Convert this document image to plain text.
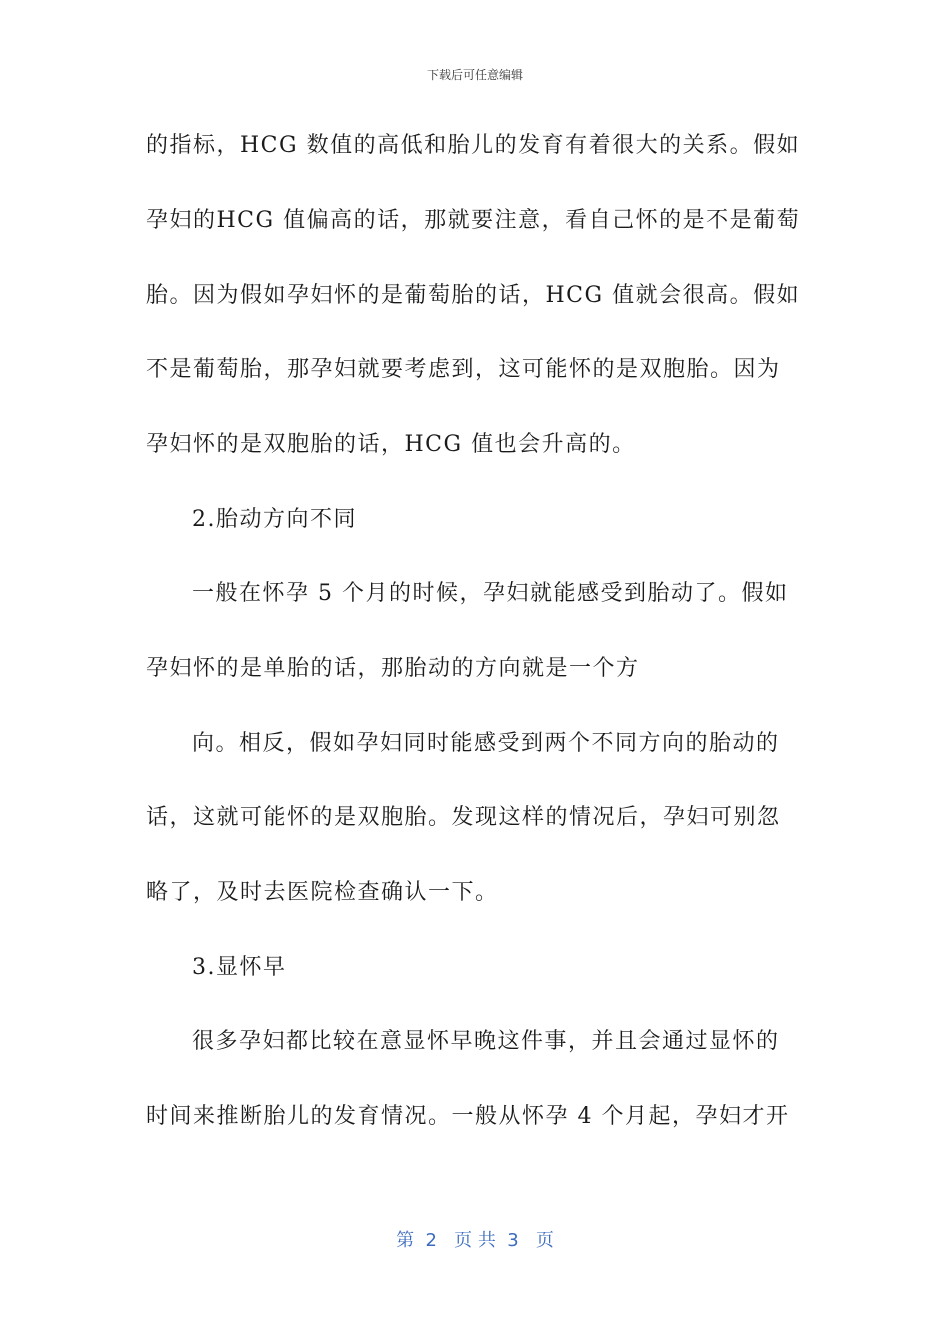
下载后可任意编辑
的指标，HCG 数值的高低和胎儿的发育有着很大的关系。假如
孕妇的HCG 值偏高的话，那就要注意，看自己怀的是不是葡萄
胎。因为假如孕妇怀的是葡萄胎的话，HCG 值就会很高。假如
不是葡萄胎，那孕妇就要考虑到，这可能怀的是双胞胎。因为
孕妇怀的是双胞胎的话，HCG 值也会升高的。
2.胎动方向不同
一般在怀孕 5 个月的时候，孕妇就能感受到胎动了。假如
孕妇怀的是单胎的话，那胎动的方向就是一个方
向。相反，假如孕妇同时能感受到两个不同方向的胎动的
话，这就可能怀的是双胞胎。发现这样的情况后，孕妇可别忽
略了，及时去医院检查确认一下。
3.显怀早
很多孕妇都比较在意显怀早晚这件事，并且会通过显怀的
时间来推断胎儿的发育情况。一般从怀孕 4 个月起，孕妇才开
第  2   页 共  3   页
